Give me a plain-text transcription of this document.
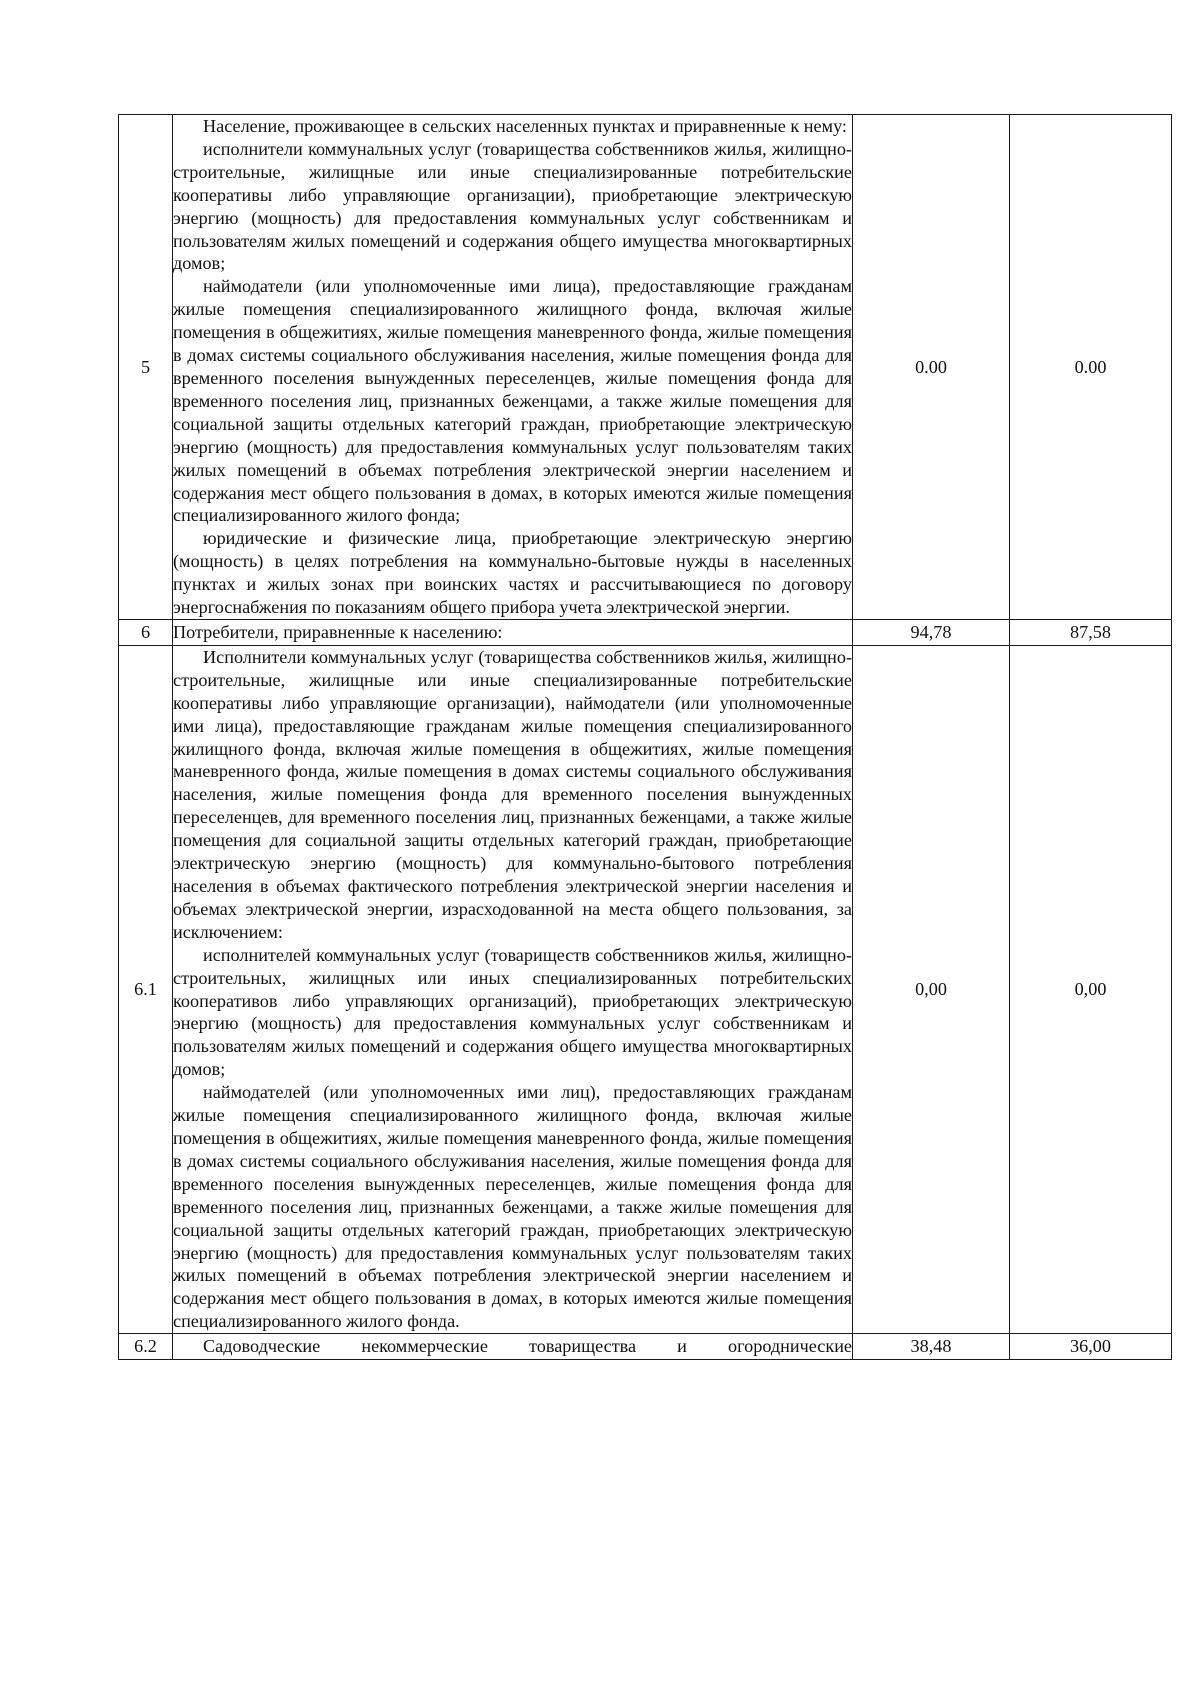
5	Население, проживающее в сельских населенных пунктах и приравненные к нему:

исполнители коммунальных услуг (товарищества собственников жилья, жилищно-строительные, жилищные или иные специализированные потребительские кооперативы либо управляющие организации), приобретающие электрическую энергию (мощность) для предоставления коммунальных услуг собственникам и пользователям жилых помещений и содержания общего имущества многоквартирных домов;

наймодатели (или уполномоченные ими лица), предоставляющие гражданам жилые помещения специализированного жилищного фонда, включая жилые помещения в общежитиях, жилые помещения маневренного фонда, жилые помещения в домах системы социального обслуживания населения, жилые помещения фонда для временного поселения вынужденных переселенцев, жилые помещения фонда для временного поселения лиц, признанных беженцами, а также жилые помещения для социальной защиты отдельных категорий граждан, приобретающие электрическую энергию (мощность) для предоставления коммунальных услуг пользователям таких жилых помещений в объемах потребления электрической энергии населением и содержания мест общего пользования в домах, в которых имеются жилые помещения специализированного жилого фонда;

юридические и физические лица, приобретающие электрическую энергию (мощность) в целях потребления на коммунально-бытовые нужды в населенных пунктах и жилых зонах при воинских частях и рассчитывающиеся по договору энергоснабжения по показаниям общего прибора учета электрической энергии.	0.00	0.00
6	Потребители, приравненные к населению:	94,78	87,58
6.1	Исполнители коммунальных услуг (товарищества собственников жилья, жилищно-строительные, жилищные или иные специализированные потребительские кооперативы либо управляющие организации), наймодатели (или уполномоченные ими лица), предоставляющие гражданам жилые помещения специализированного жилищного фонда, включая жилые помещения в общежитиях, жилые помещения маневренного фонда, жилые помещения в домах системы социального обслуживания населения, жилые помещения фонда для временного поселения вынужденных переселенцев, для временного поселения лиц, признанных беженцами, а также жилые помещения для социальной защиты отдельных категорий граждан, приобретающие электрическую энергию (мощность) для коммунально-бытового потребления населения в объемах фактического потребления электрической энергии населения и объемах электрической энергии, израсходованной на места общего пользования, за исключением:

исполнителей коммунальных услуг (товариществ собственников жилья, жилищно-строительных, жилищных или иных специализированных потребительских кооперативов либо управляющих организаций), приобретающих электрическую энергию (мощность) для предоставления коммунальных услуг собственникам и пользователям жилых помещений и содержания общего имущества многоквартирных домов;

наймодателей (или уполномоченных ими лиц), предоставляющих гражданам жилые помещения специализированного жилищного фонда, включая жилые помещения в общежитиях, жилые помещения маневренного фонда, жилые помещения в домах системы социального обслуживания населения, жилые помещения фонда для временного поселения вынужденных переселенцев, жилые помещения фонда для временного поселения лиц, признанных беженцами, а также жилые помещения для социальной защиты отдельных категорий граждан, приобретающих электрическую энергию (мощность) для предоставления коммунальных услуг пользователям таких жилых помещений в объемах потребления электрической энергии населением и содержания мест общего пользования в домах, в которых имеются жилые помещения специализированного жилого фонда.	0,00	0,00
6.2	Садоводческие некоммерческие товарищества и огороднические	38,48	36,00
